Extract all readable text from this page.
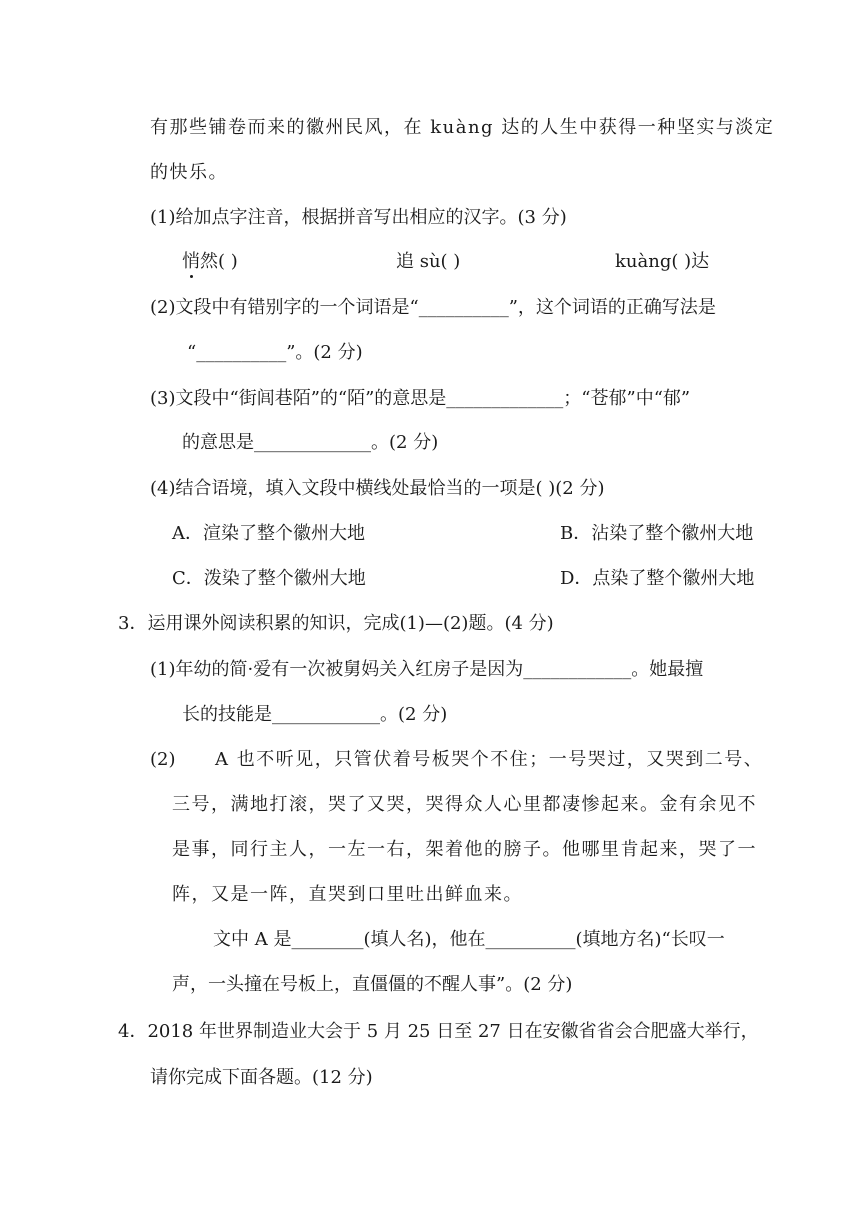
有那些铺卷而来的徽州民风，在 kuàng 达的人生中获得一种坚实与淡定
的快乐。
(1)给加点字注音，根据拼音写出相应的汉字。(3 分)
悄然( )	追 sù( )	kuàng( )达
(2)文段中有错别字的一个词语是“__________”，这个词语的正确写法是
“__________”。(2 分)
(3)文段中“街闾巷陌”的“陌”的意思是_____________；“苍郁”中“郁”
的意思是_____________。(2 分)
(4)结合语境，填入文段中横线处最恰当的一项是( )(2 分)
A．渲染了整个徽州大地	B．沾染了整个徽州大地
C．泼染了整个徽州大地	D．点染了整个徽州大地
3．运用课外阅读积累的知识，完成(1)—(2)题。(4 分)
(1)年幼的简·爱有一次被舅妈关入红房子是因为____________。她最擅
长的技能是____________。(2 分)
(2) A 也不听见，只管伏着号板哭个不住；一号哭过，又哭到二号、
三号，满地打滚，哭了又哭，哭得众人心里都凄惨起来。金有余见不
是事，同行主人，一左一右，架着他的膀子。他哪里肯起来，哭了一
阵，又是一阵，直哭到口里吐出鲜血来。
文中 A 是________(填人名)，他在__________(填地方名)“长叹一
声，一头撞在号板上，直僵僵的不醒人事”。(2 分)
4．2018 年世界制造业大会于 5 月 25 日至 27 日在安徽省省会合肥盛大举行，
请你完成下面各题。(12 分)
